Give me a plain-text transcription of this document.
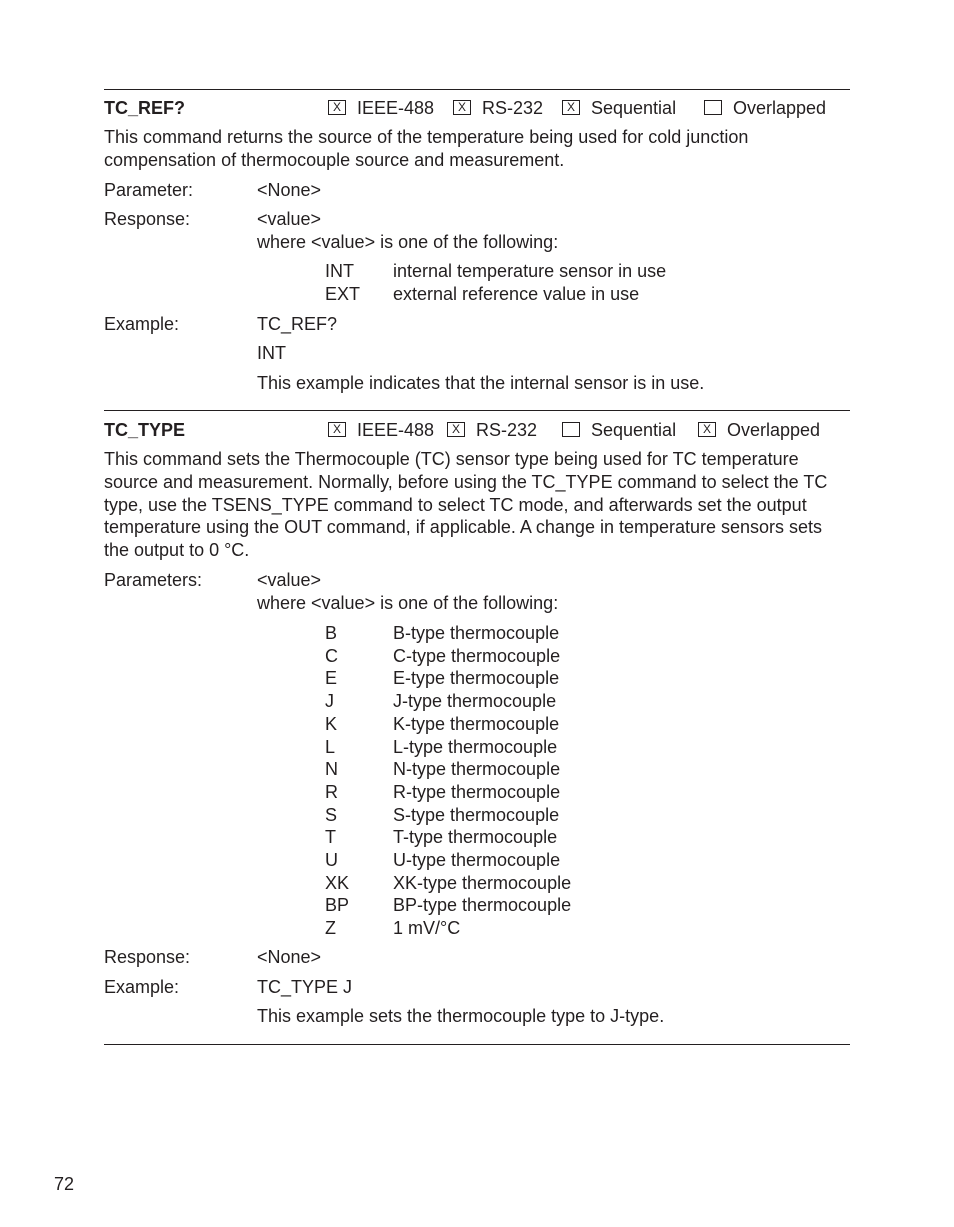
TC_REF?	X IEEE-488	X RS-232	X Sequential	Overlapped
This command returns the source of the temperature being used for cold junction compensation of thermocouple source and measurement.
Parameter:	<None>
Response:	<value>
where <value> is one of the following:
INT internal temperature sensor in use
EXT external reference value in use
Example:	TC_REF?
INT
This example indicates that the internal sensor is in use.
TC_TYPE	X IEEE-488	X RS-232	Sequential	X Overlapped
This command sets the Thermocouple (TC) sensor type being used for TC temperature source and measurement. Normally, before using the TC_TYPE command to select the TC type, use the TSENS_TYPE command to select TC mode, and afterwards set the output temperature using the OUT command, if applicable. A change in temperature sensors sets the output to 0 °C.
Parameters:	<value>
where <value> is one of the following:
B	B-type thermocouple
C	C-type thermocouple
E	E-type thermocouple
J	J-type thermocouple
K	K-type thermocouple
L	L-type thermocouple
N	N-type thermocouple
R	R-type thermocouple
S	S-type thermocouple
T	T-type thermocouple
U	U-type thermocouple
XK XK-type thermocouple
BP BP-type thermocouple
Z	1 mV/°C
Response:	<None>
Example:	TC_TYPE J
This example sets the thermocouple type to J-type.
72
